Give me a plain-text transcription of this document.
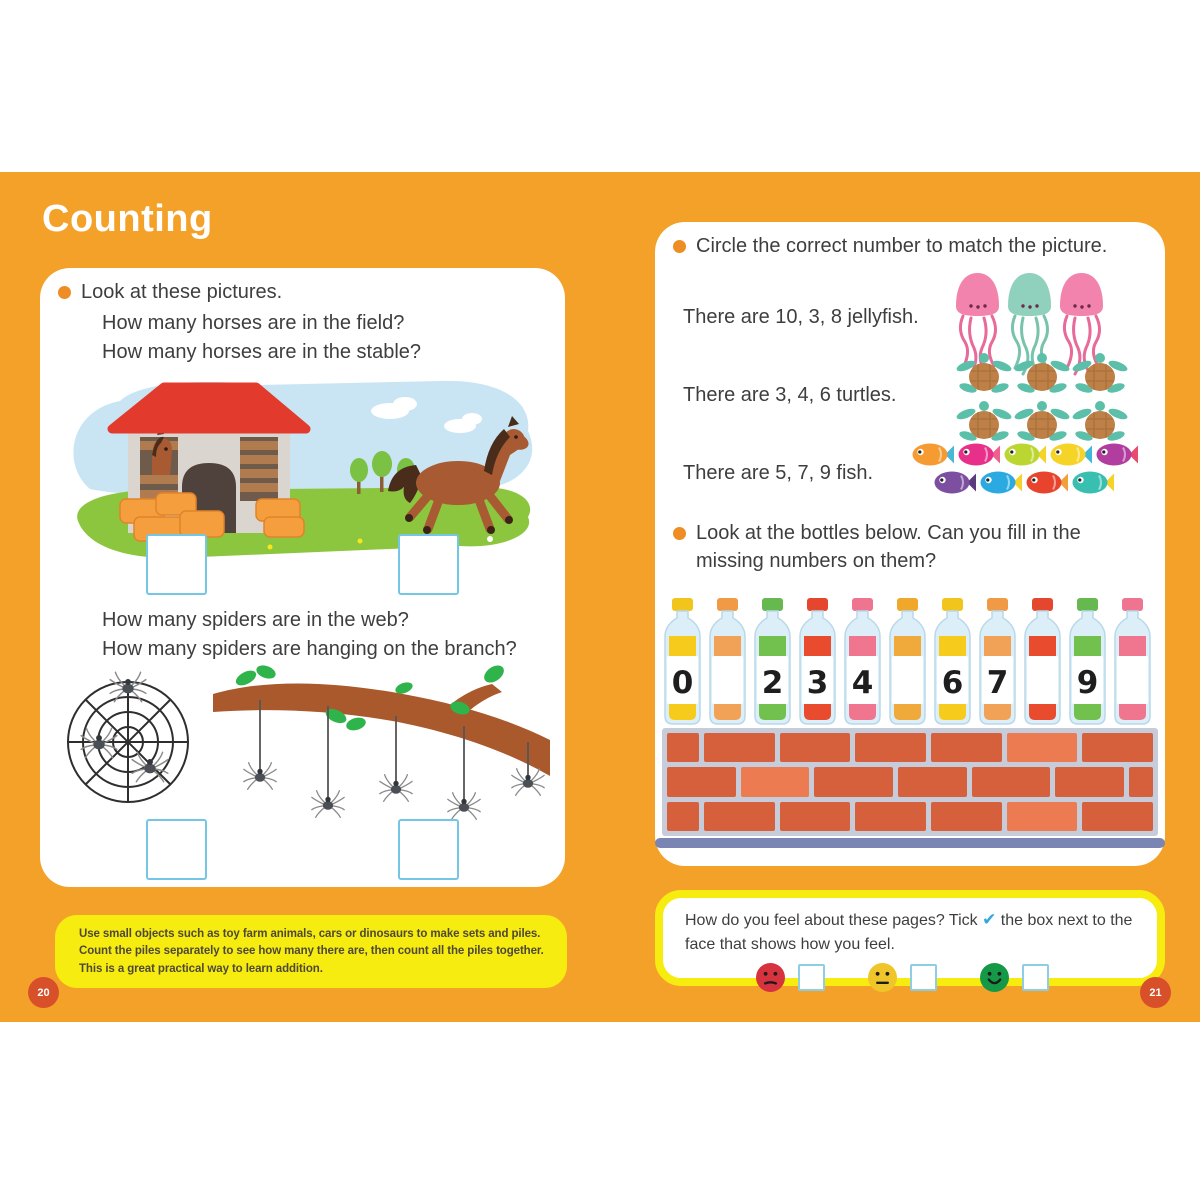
Counting
Look at these pictures.
How many horses are in the field?
How many horses are in the stable?
How many spiders are in the web?
How many spiders are hanging on the branch?
Use small objects such as toy farm animals, cars or dinosaurs to make sets and piles.
Count the piles separately to see how many there are, then count all the piles together.
This is a great practical way to learn addition.
20
Circle the correct number to match the picture.
There are 10, 3, 8 jellyfish.
There are 3, 4, 6 turtles.
There are 5, 7, 9 fish.
Look at the bottles below. Can you fill in the
missing numbers on them?
0 2 3 4 6 7 9
How do you feel about these pages? Tick ✔ the box next to the
face that shows how you feel.
21
